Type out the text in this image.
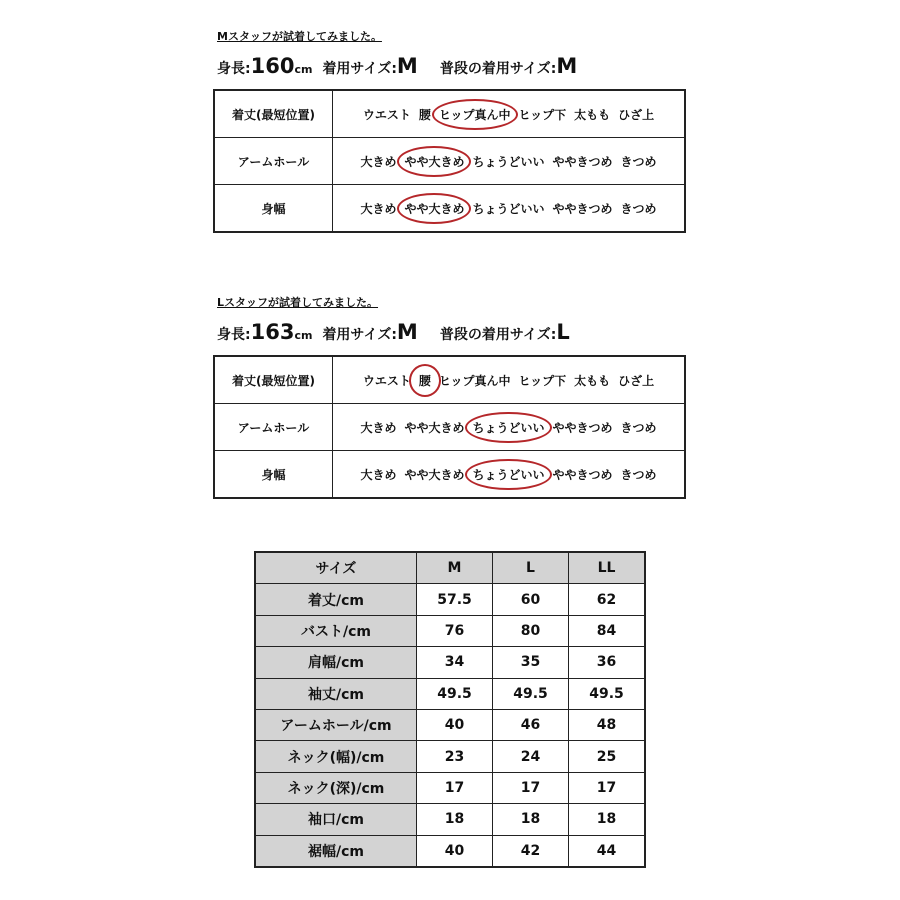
Mスタッフが試着してみました。
身長:160cm 着用サイズ:M 普段の着用サイズ:M
着丈(最短位置)	ウエスト 腰 ヒップ真ん中 ヒップ下 太もも ひざ上
アームホール	大きめ やや大きめ ちょうどいい ややきつめ きつめ
身幅	大きめ やや大きめ ちょうどいい ややきつめ きつめ
Lスタッフが試着してみました。
身長:163cm 着用サイズ:M 普段の着用サイズ:L
着丈(最短位置)	ウエスト 腰 ヒップ真ん中 ヒップ下 太もも ひざ上
アームホール	大きめ やや大きめ ちょうどいい ややきつめ きつめ
身幅	大きめ やや大きめ ちょうどいい ややきつめ きつめ
サイズ	M	L	LL
着丈/cm	57.5	60	62
バスト/cm	76	80	84
肩幅/cm	34	35	36
袖丈/cm	49.5	49.5	49.5
アームホール/cm	40	46	48
ネック(幅)/cm	23	24	25
ネック(深)/cm	17	17	17
袖口/cm	18	18	18
裾幅/cm	40	42	44
